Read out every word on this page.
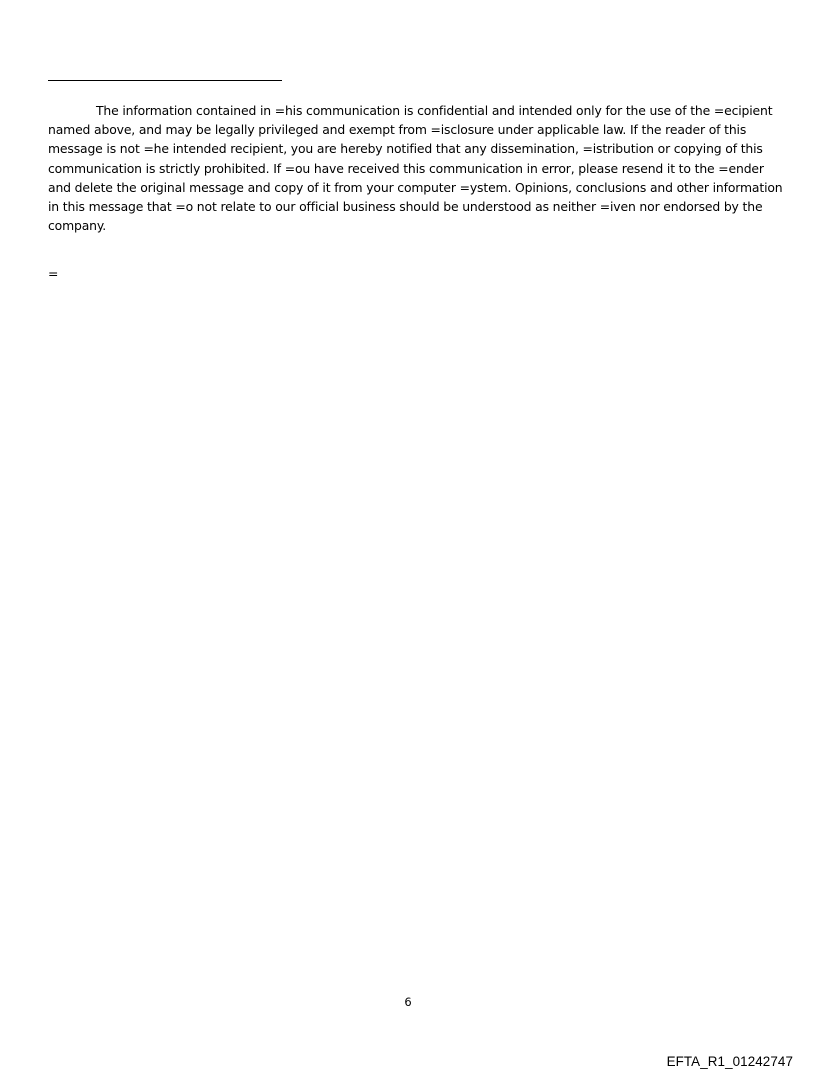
The information contained in =his communication is confidential and intended only for the use of the =ecipient
named above, and may be legally privileged and exempt from =isclosure under applicable law. If the reader of this
message is not =he intended recipient, you are hereby notified that any dissemination, =istribution or copying of this
communication is strictly prohibited. If =ou have received this communication in error, please resend it to the =ender
and delete the original message and copy of it from your computer =ystem. Opinions, conclusions and other information
in this message that =o not relate to our official business should be understood as neither =iven nor endorsed by the
company.

=
6
EFTA_R1_01242747
